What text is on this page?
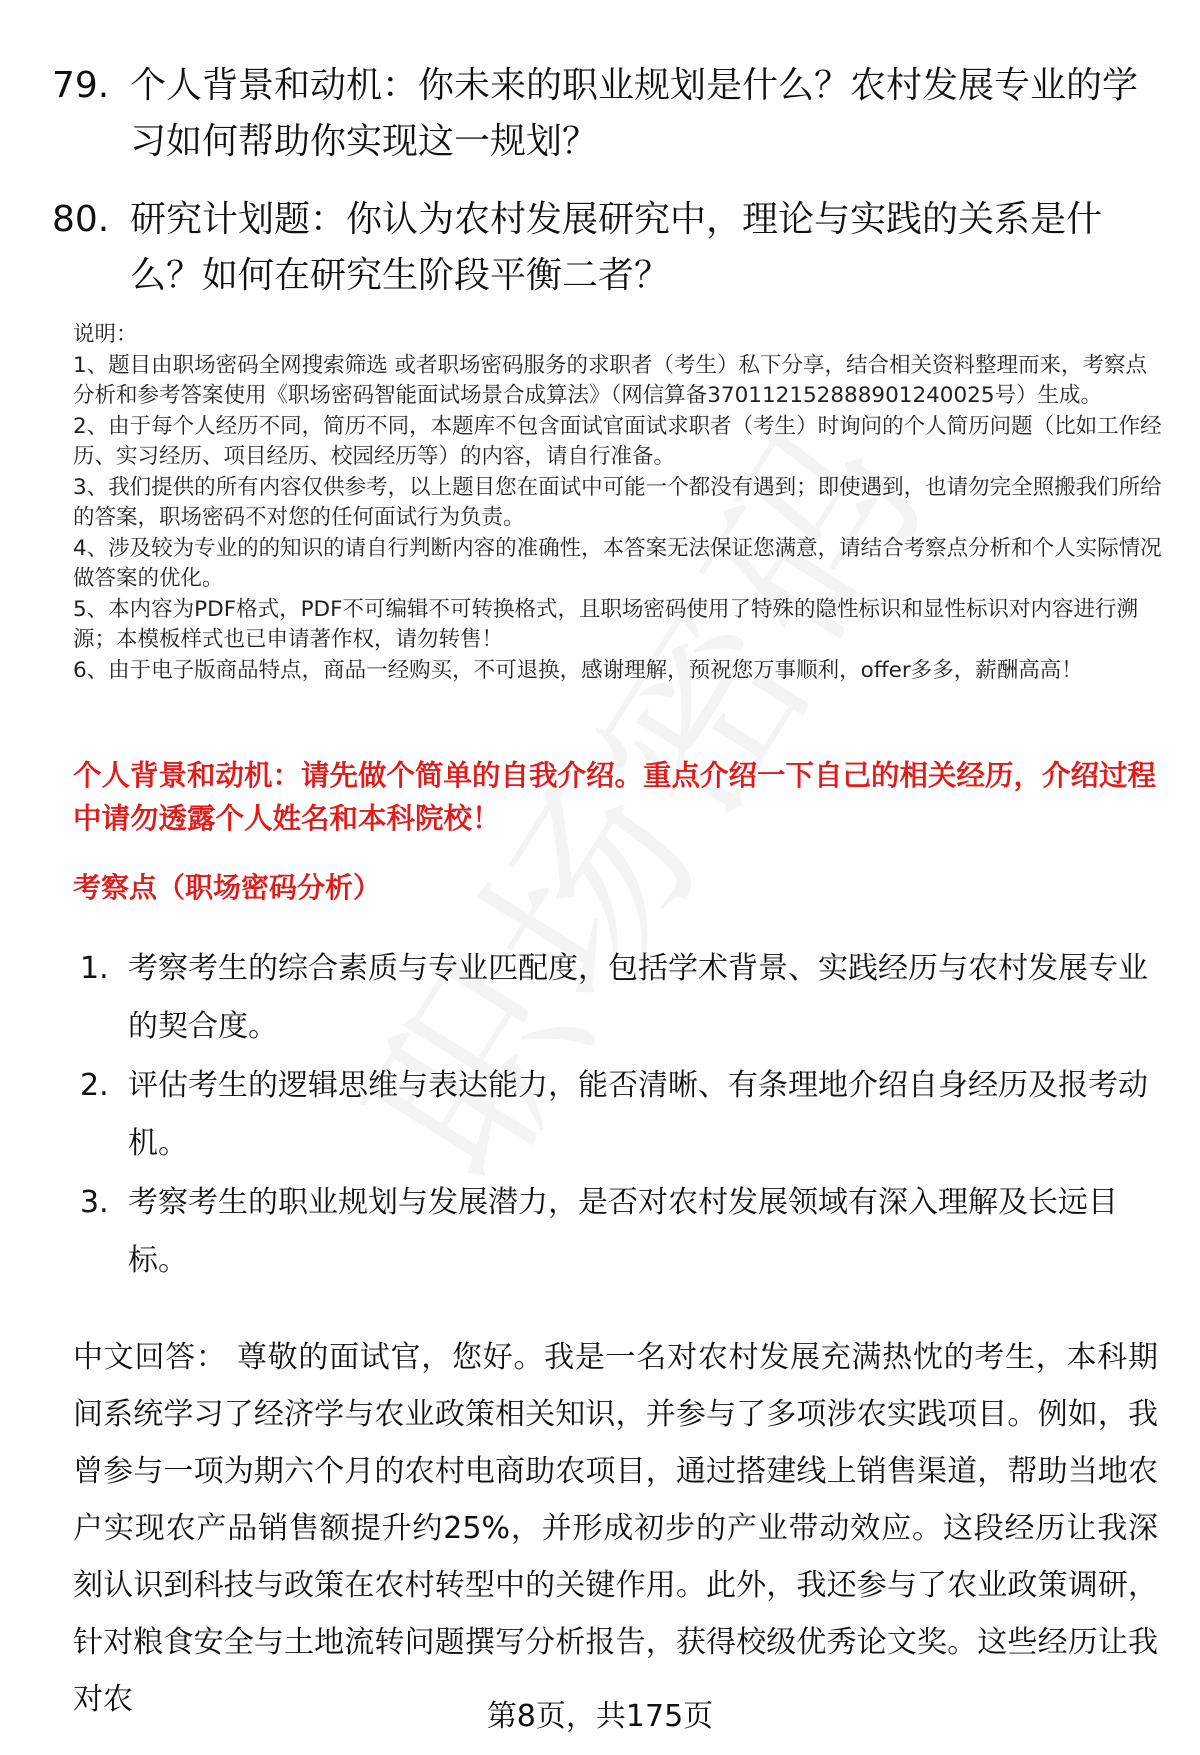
79. 个人背景和动机：你未来的职业规划是什么？农村发展专业的学习如何帮助你实现这一规划？
80. 研究计划题：你认为农村发展研究中，理论与实践的关系是什么？如何在研究生阶段平衡二者？

说明：

1、题目由职场密码全网搜索筛选 或者职场密码服务的求职者（考生）私下分享，结合相关资料整理而来，考察点分析和参考答案使用《职场密码智能面试场景合成算法》（网信算备370112152888901240025号）生成。

2、由于每个人经历不同，简历不同，本题库不包含面试官面试求职者（考生）时询问的个人简历问题（比如工作经历、实习经历、项目经历、校园经历等）的内容，请自行准备。

3、我们提供的所有内容仅供参考，以上题目您在面试中可能一个都没有遇到；即使遇到，也请勿完全照搬我们所给的答案，职场密码不对您的任何面试行为负责。

4、涉及较为专业的的知识的请自行判断内容的准确性，本答案无法保证您满意，请结合考察点分析和个人实际情况做答案的优化。

5、本内容为PDF格式，PDF不可编辑不可转换格式，且职场密码使用了特殊的隐性标识和显性标识对内容进行溯源；本模板样式也已申请著作权，请勿转售！

6、由于电子版商品特点，商品一经购买，不可退换，感谢理解，预祝您万事顺利，offer多多，薪酬高高！

个人背景和动机：请先做个简单的自我介绍。重点介绍一下自己的相关经历，介绍过程中请勿透露个人姓名和本科院校！
考察点（职场密码分析）
1. 考察考生的综合素质与专业匹配度，包括学术背景、实践经历与农村发展专业的契合度。
2. 评估考生的逻辑思维与表达能力，能否清晰、有条理地介绍自身经历及报考动机。
3. 考察考生的职业规划与发展潜力，是否对农村发展领域有深入理解及长远目标。
中文回答： 尊敬的面试官，您好。我是一名对农村发展充满热忱的考生，本科期间系统学习了经济学与农业政策相关知识，并参与了多项涉农实践项目。例如，我曾参与一项为期六个月的农村电商助农项目，通过搭建线上销售渠道，帮助当地农户实现农产品销售额提升约25%，并形成初步的产业带动效应。这段经历让我深刻认识到科技与政策在农村转型中的关键作用。此外，我还参与了农业政策调研，针对粮食安全与土地流转问题撰写分析报告，获得校级优秀论文奖。这些经历让我对农	第8页，共175页
